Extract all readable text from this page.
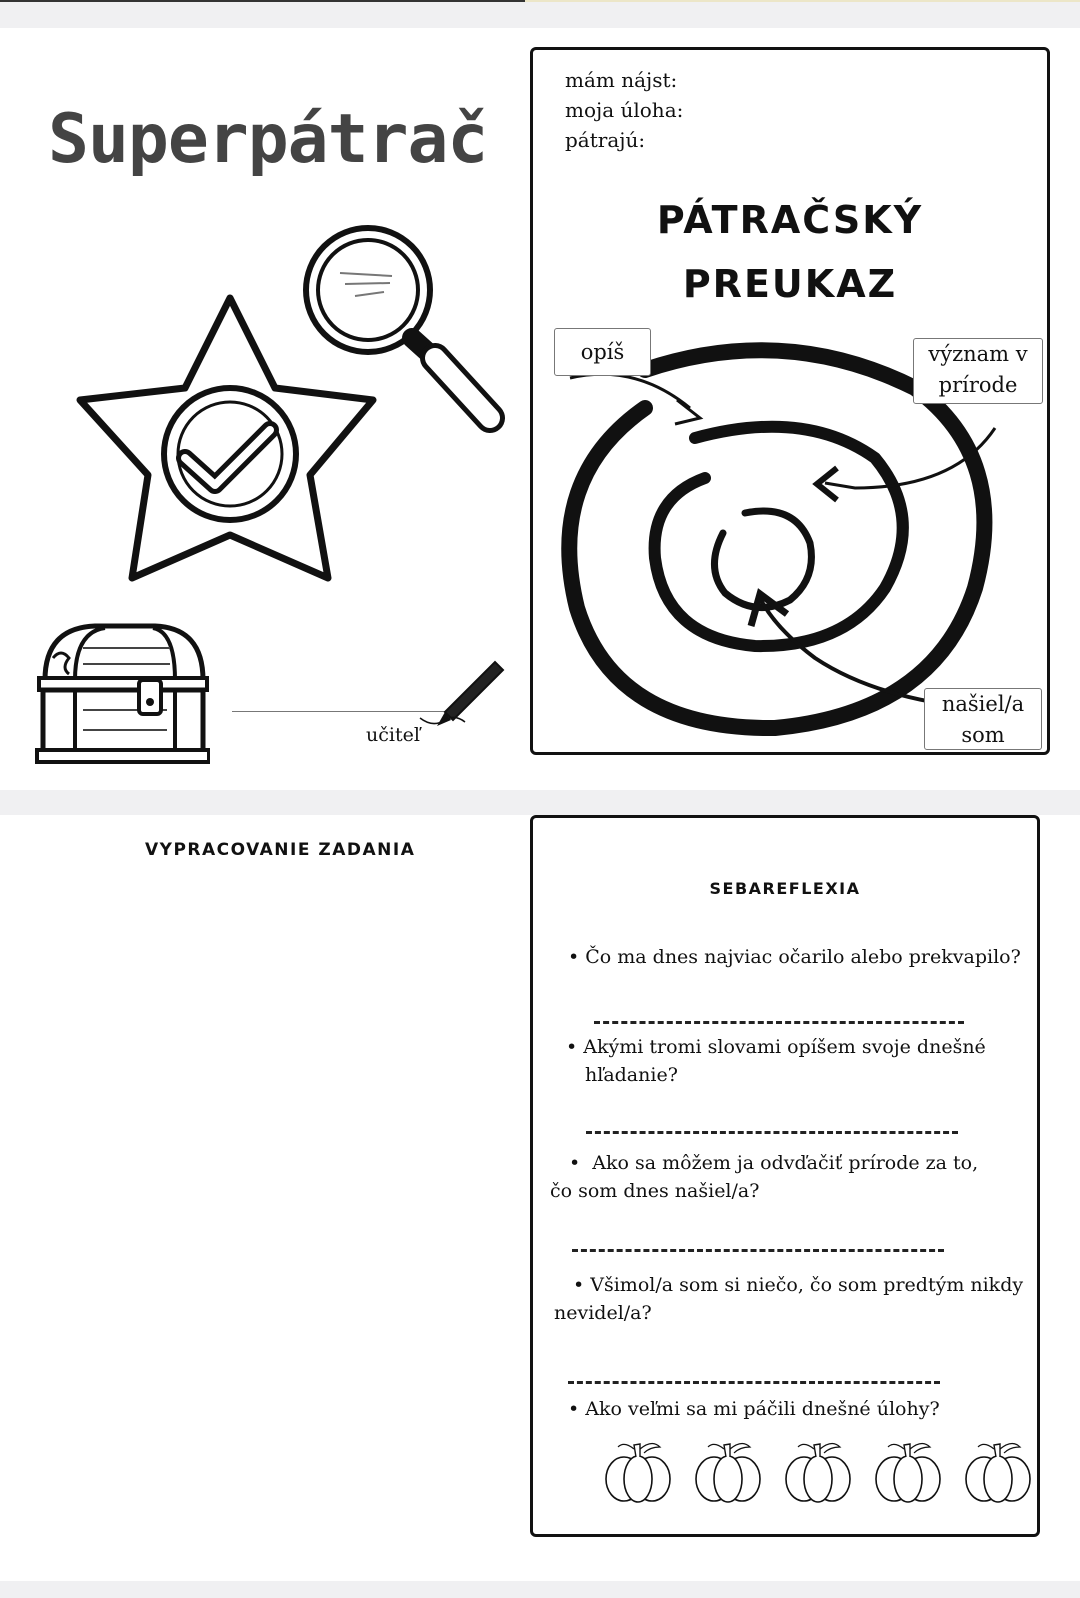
Superpátrač
učiteľ
mám nájst:
moja úloha:
pátrajú:
PÁTRAČSKÝ
PREUKAZ
opíš	význam v
prírode
našiel/a
som
VYPRACOVANIE ZADANIA
SEBAREFLEXIA
• Čo ma dnes najviac očarilo alebo prekvapilo?
• Akými tromi slovami opíšem svoje dnešné
hľadanie?
•  Ako sa môžem ja odvďačiť prírode za to,
čo som dnes našiel/a?
• Všimol/a som si niečo, čo som predtým nikdy
nevidel/a?
• Ako veľmi sa mi páčili dnešné úlohy?
